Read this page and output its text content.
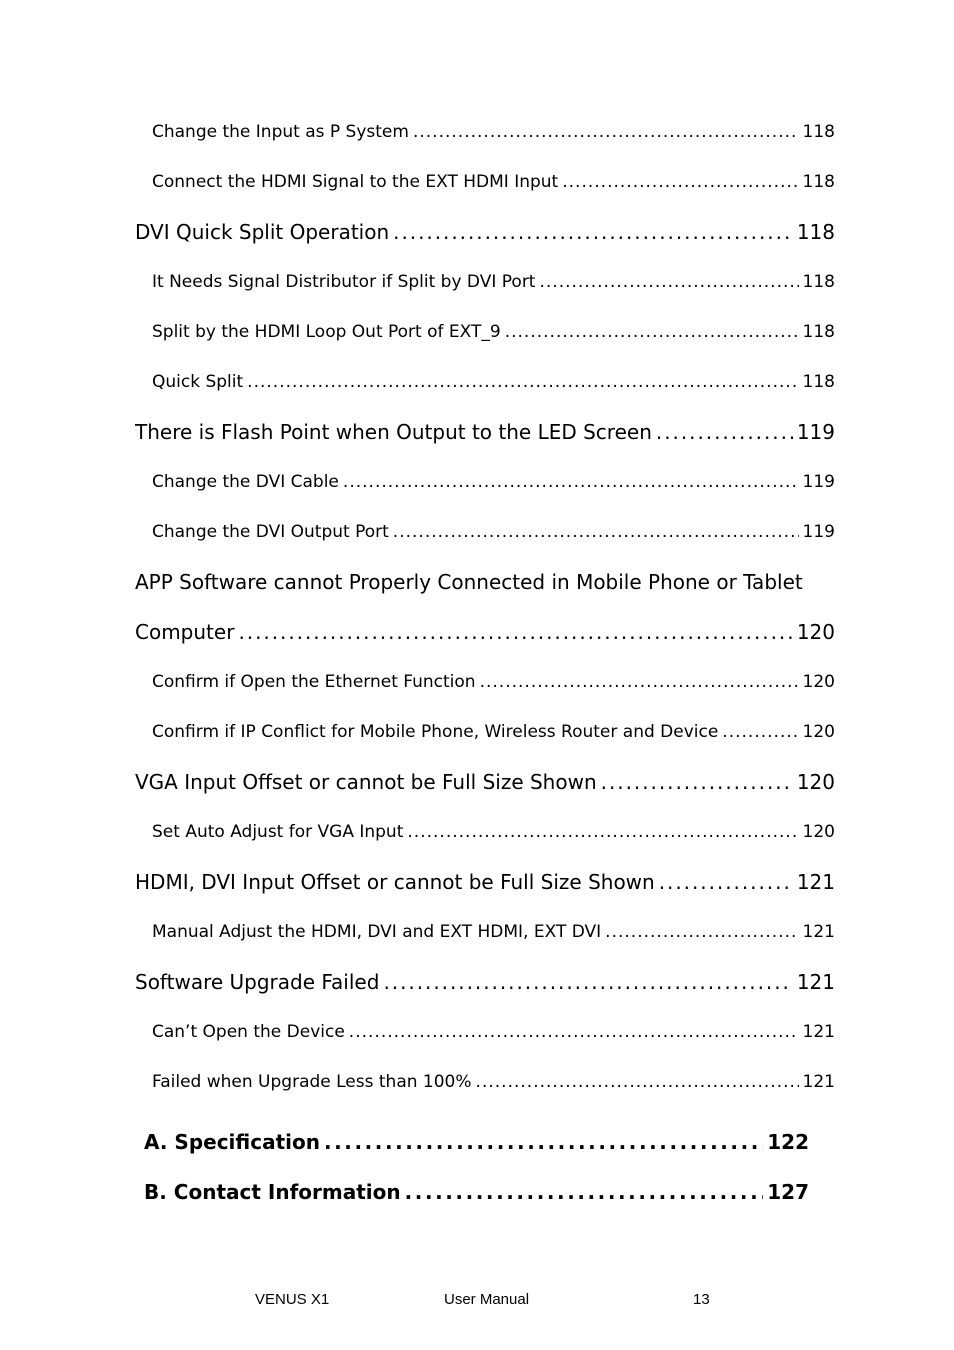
Change the Input as P System . . .	118
Connect the HDMI Signal to the EXT HDMI Input . . .	118
DVI Quick Split Operation . . .	118
It Needs Signal Distributor if Split by DVI Port . . .	118
Split by the HDMI Loop Out Port of EXT_9 . . .	118
Quick Split . . .	118
There is Flash Point when Output to the LED Screen . . .	119
Change the DVI Cable . . .	119
Change the DVI Output Port . . .	119
APP Software cannot Properly Connected in Mobile Phone or Tablet
Computer . . .	120
Confirm if Open the Ethernet Function . . .	120
Confirm if IP Conflict for Mobile Phone, Wireless Router and Device . . .	120
VGA Input Offset or cannot be Full Size Shown . . .	120
Set Auto Adjust for VGA Input . . .	120
HDMI, DVI Input Offset or cannot be Full Size Shown . . .	121
Manual Adjust the HDMI, DVI and EXT HDMI, EXT DVI . . .	121
Software Upgrade Failed . . .	121
Can’t Open the Device . . .	121
Failed when Upgrade Less than 100% . . .	121
A. Specification . . .	122
B. Contact Information . . .	127
VENUS X1	User Manual	13
